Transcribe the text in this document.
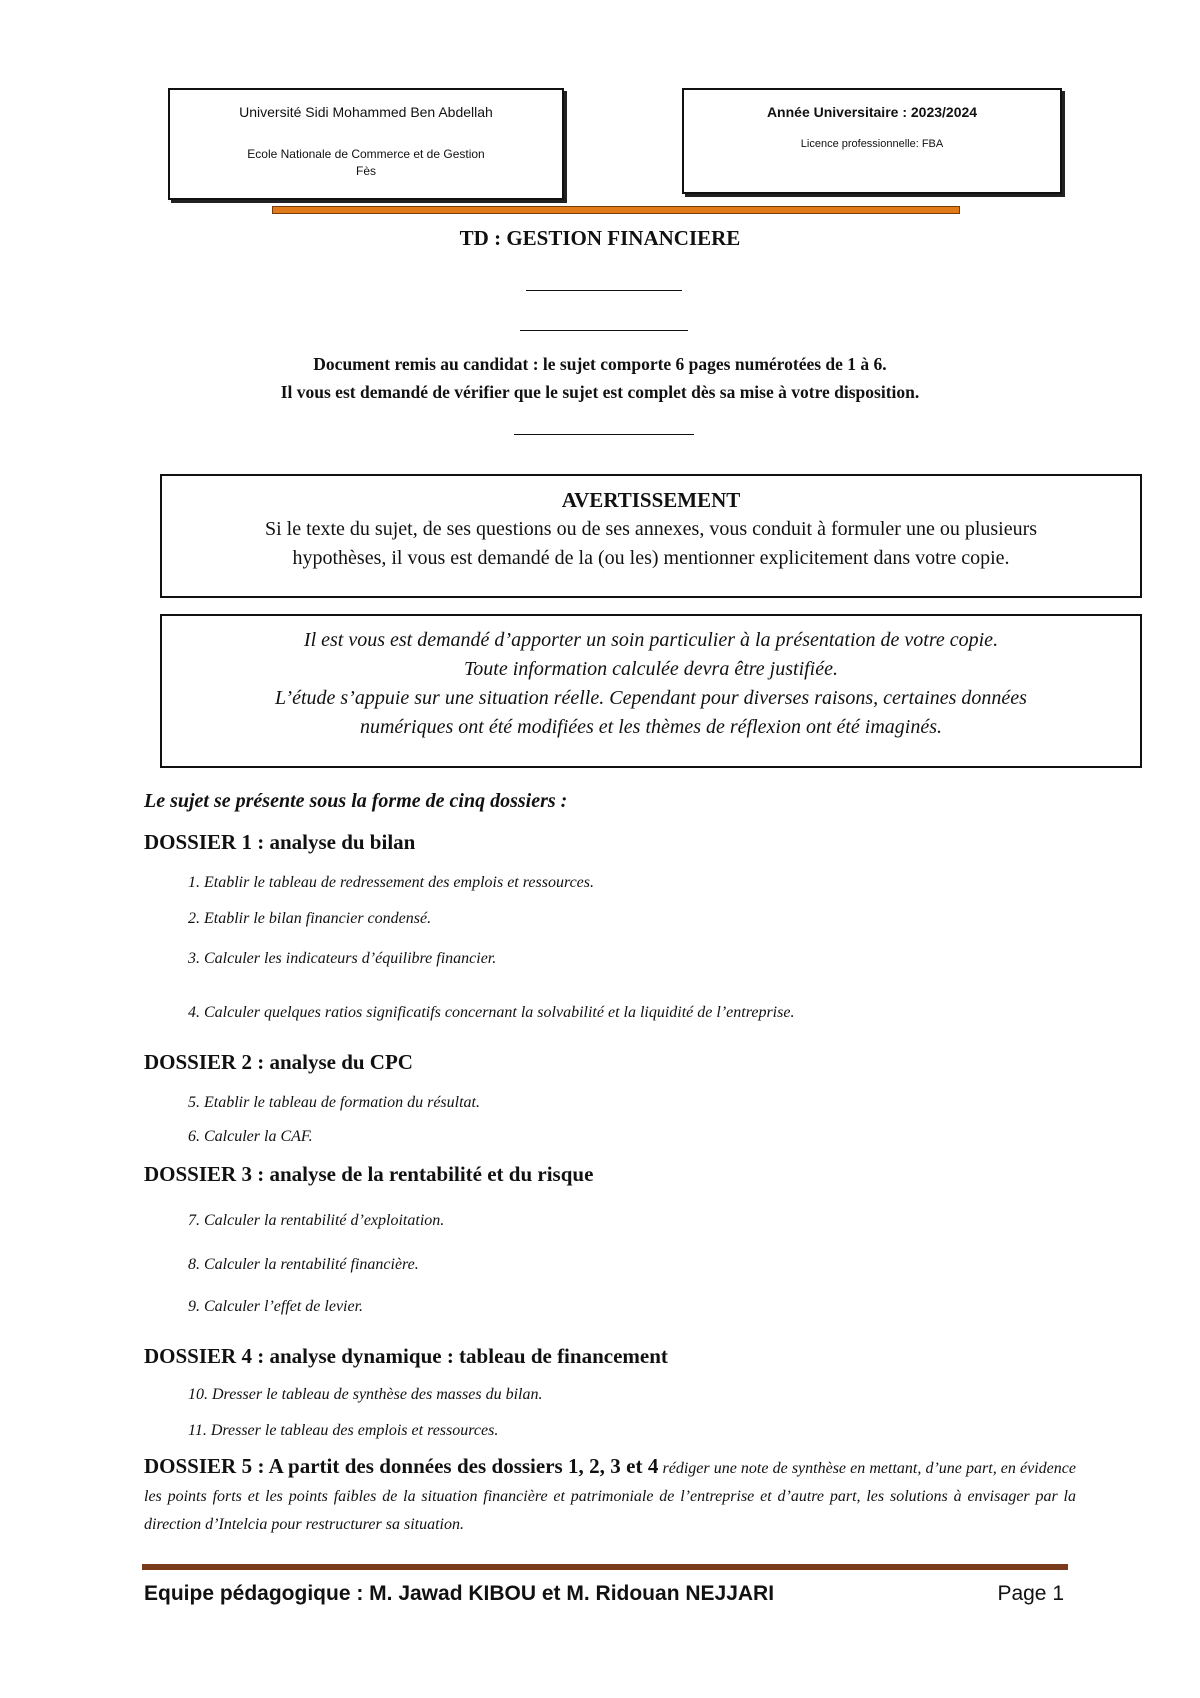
Université Sidi Mohammed Ben Abdellah
Ecole Nationale de Commerce et de Gestion
Fès
Année Universitaire : 2023/2024
Licence professionnelle: FBA
TD : GESTION FINANCIERE
Document remis au candidat : le sujet comporte 6 pages numérotées de 1 à 6.
Il vous est demandé de vérifier que le sujet est complet dès sa mise à votre disposition.
AVERTISSEMENT
Si le texte du sujet, de ses questions ou de ses annexes, vous conduit à formuler une ou plusieurs
hypothèses, il vous est demandé de la (ou les) mentionner explicitement dans votre copie.
Il est vous est demandé d’apporter un soin particulier à la présentation de votre copie.
Toute information calculée devra être justifiée.
L’étude s’appuie sur une situation réelle. Cependant pour diverses raisons, certaines données
numériques ont été modifiées et les thèmes de réflexion ont été imaginés.
Le sujet se présente sous la forme de cinq dossiers :
DOSSIER 1 : analyse du bilan
1. Etablir le tableau de redressement des emplois et ressources.
2. Etablir le bilan financier condensé.
3. Calculer les indicateurs d’équilibre financier.
4. Calculer quelques ratios significatifs concernant la solvabilité et la liquidité de l’entreprise.
DOSSIER 2 : analyse du CPC
5. Etablir le tableau de formation du résultat.
6. Calculer la CAF.
DOSSIER 3 : analyse de la rentabilité et du risque
7. Calculer la rentabilité d’exploitation.
8. Calculer la rentabilité financière.
9. Calculer l’effet de levier.
DOSSIER 4 : analyse dynamique : tableau de financement
10. Dresser le tableau de synthèse des masses du bilan.
11. Dresser le tableau des emplois et ressources.
DOSSIER 5 : A partit des données des dossiers 1, 2, 3 et 4 rédiger une note de synthèse en mettant, d’une part, en évidence les points forts et les points faibles de la situation financière et patrimoniale de l’entreprise et d’autre part, les solutions à envisager par la direction d’Intelcia pour restructurer sa situation.
Equipe pédagogique : M. Jawad KIBOU et M. Ridouan NEJJARI	Page 1
